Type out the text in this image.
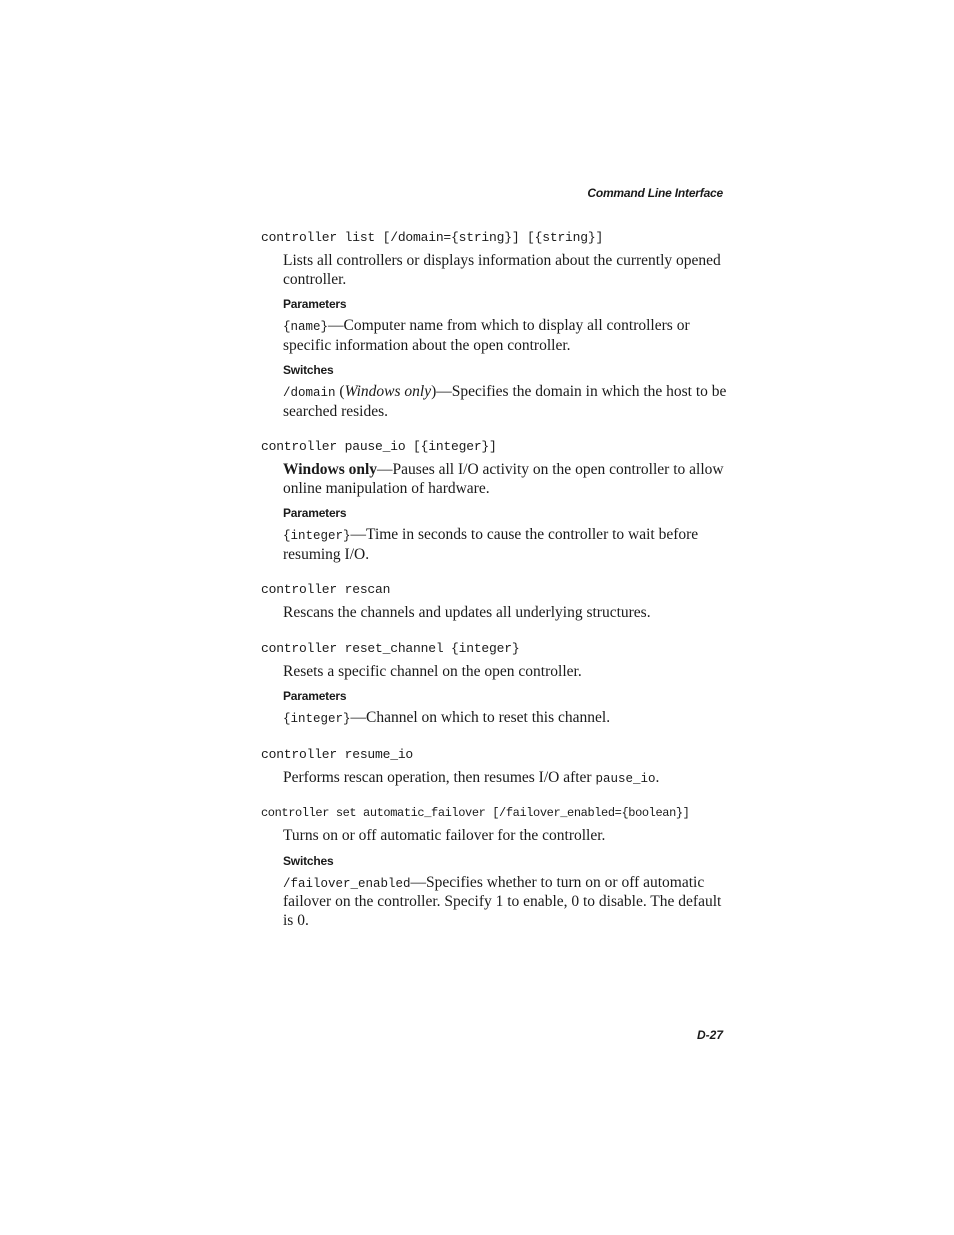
Command Line Interface
controller list [/domain={string}] [{string}]

Lists all controllers or displays information about the currently opened controller.

Parameters

{name}—Computer name from which to display all controllers or specific information about the open controller.

Switches

/domain (Windows only)—Specifies the domain in which the host to be searched resides.

controller pause_io [{integer}]

Windows only—Pauses all I/O activity on the open controller to allow online manipulation of hardware.

Parameters

{integer}—Time in seconds to cause the controller to wait before resuming I/O.

controller rescan

Rescans the channels and updates all underlying structures.

controller reset_channel {integer}

Resets a specific channel on the open controller.

Parameters

{integer}—Channel on which to reset this channel.

controller resume_io

Performs rescan operation, then resumes I/O after pause_io.

controller set automatic_failover [/failover_enabled={boolean}]

Turns on or off automatic failover for the controller.

Switches

/failover_enabled—Specifies whether to turn on or off automatic failover on the controller. Specify 1 to enable, 0 to disable. The default is 0.

D-27
